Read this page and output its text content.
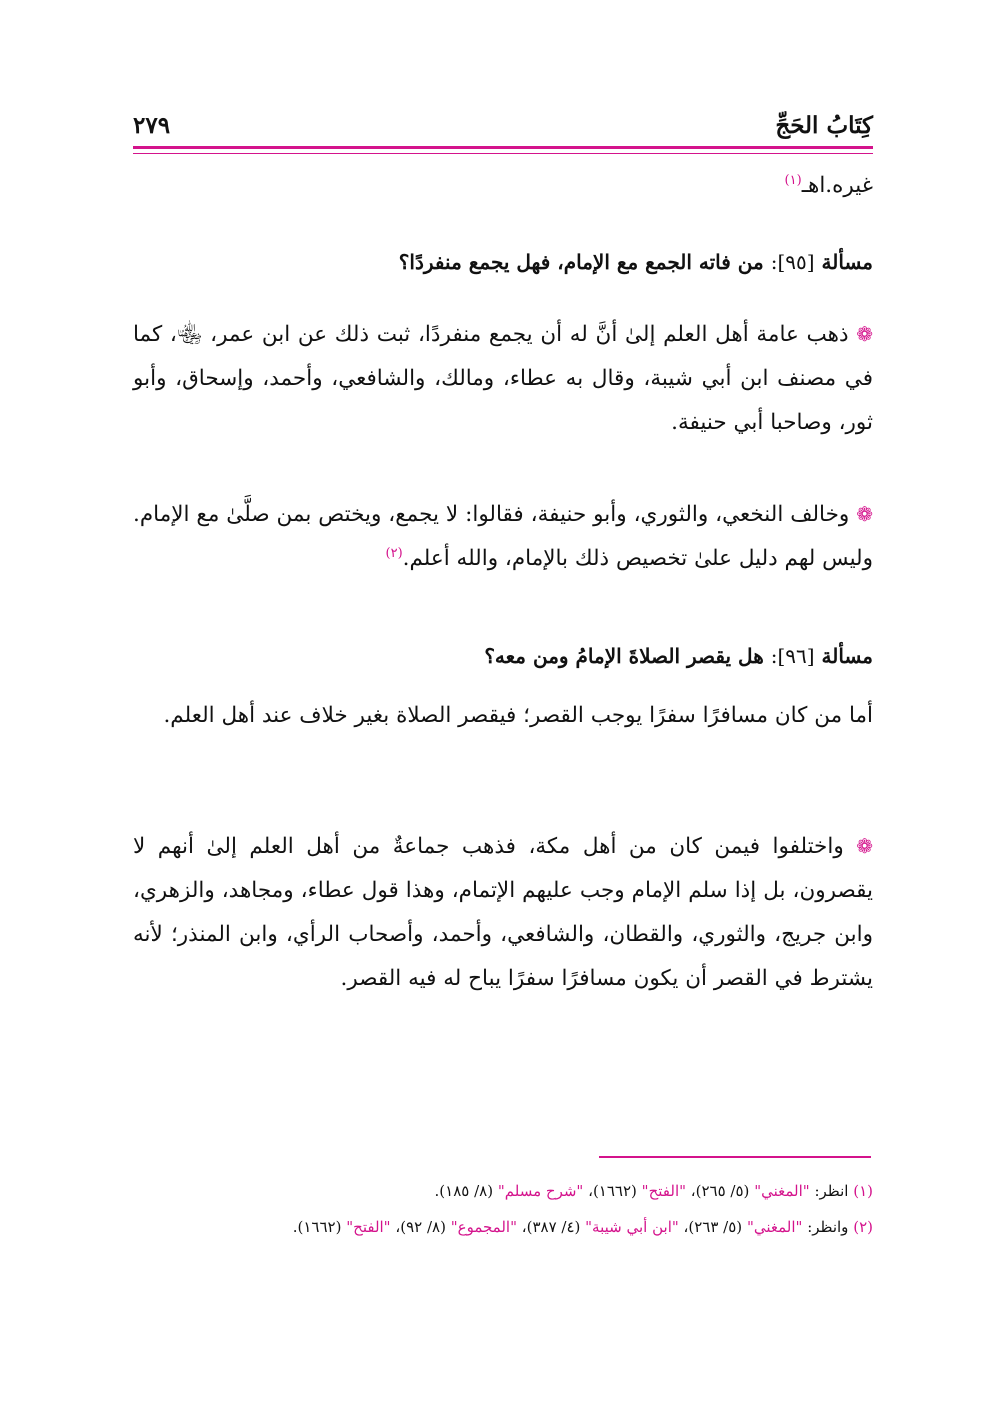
كِتَابُ الحَجِّ
٢٧٩
غيره.اهـ$^{(١)}$
مسألة [٩٥]: من فاته الجمع مع الإمام، فهل يجمع منفردًا؟
❁ ذهب عامة أهل العلم إلىٰ أنَّ له أن يجمع منفردًا، ثبت ذلك عن ابن عمر، ﵄، كما في مصنف ابن أبي شيبة، وقال به عطاء، ومالك، والشافعي، وأحمد، وإسحاق، وأبو ثور، وصاحبا أبي حنيفة.
❁ وخالف النخعي، والثوري، وأبو حنيفة، فقالوا: لا يجمع، ويختص بمن صلَّىٰ مع الإمام. وليس لهم دليل علىٰ تخصيص ذلك بالإمام، والله أعلم.$^{(٢)}$
مسألة [٩٦]: هل يقصر الصلاةَ الإمامُ ومن معه؟
أما من كان مسافرًا سفرًا يوجب القصر؛ فيقصر الصلاة بغير خلاف عند أهل العلم.
❁ واختلفوا فيمن كان من أهل مكة، فذهب جماعةٌ من أهل العلم إلىٰ أنهم لا يقصرون، بل إذا سلم الإمام وجب عليهم الإتمام، وهذا قول عطاء، ومجاهد، والزهري، وابن جريج، والثوري، والقطان، والشافعي، وأحمد، وأصحاب الرأي، وابن المنذر؛ لأنه يشترط في القصر أن يكون مسافرًا سفرًا يباح له فيه القصر.
(١) انظر: "المغني" (٥/ ٢٦٥)، "الفتح" (١٦٦٢)، "شرح مسلم" (٨/ ١٨٥).
(٢) وانظر: "المغني" (٥/ ٢٦٣)، "ابن أبي شيبة" (٤/ ٣٨٧)، "المجموع" (٨/ ٩٢)، "الفتح" (١٦٦٢).
